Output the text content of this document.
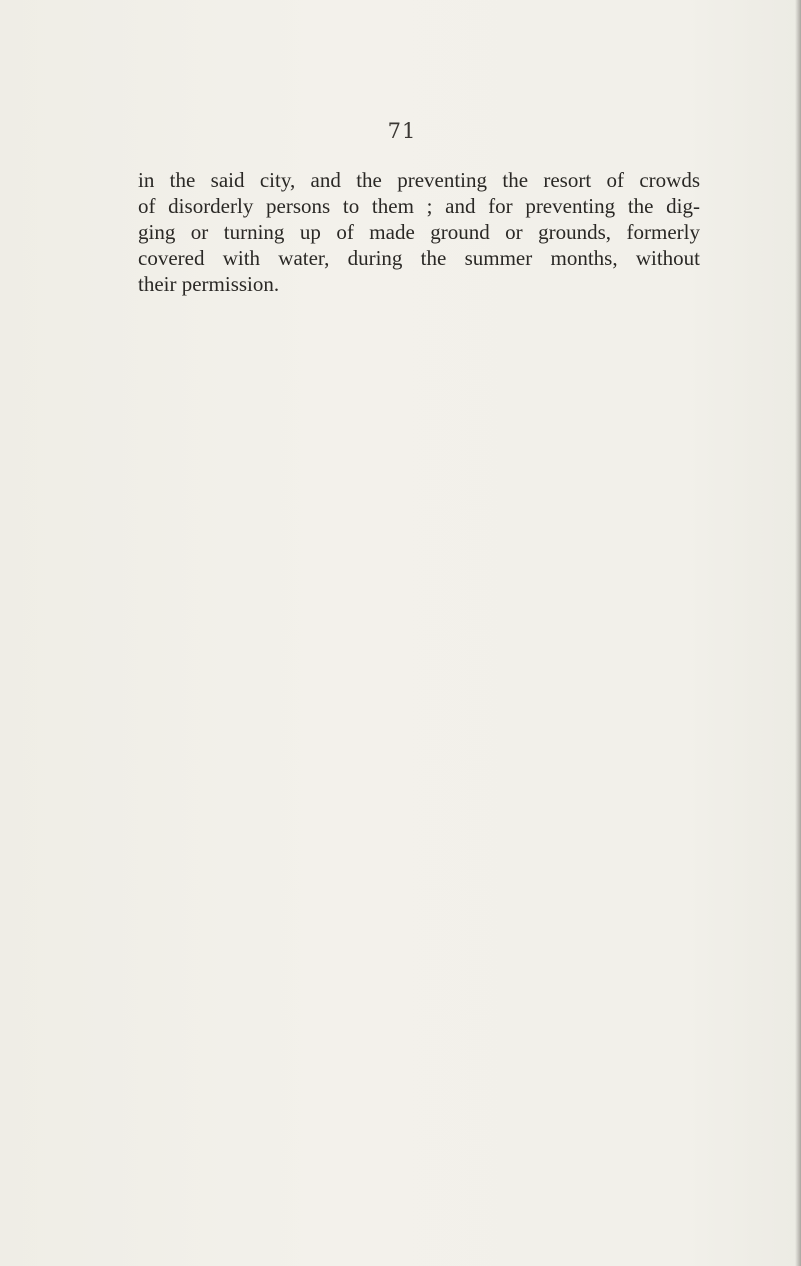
71
in the said city, and the preventing the resort of crowds
of disorderly persons to them ; and for preventing the dig-
ging or turning up of made ground or grounds, formerly
covered with water, during the summer months, without
their permission.
